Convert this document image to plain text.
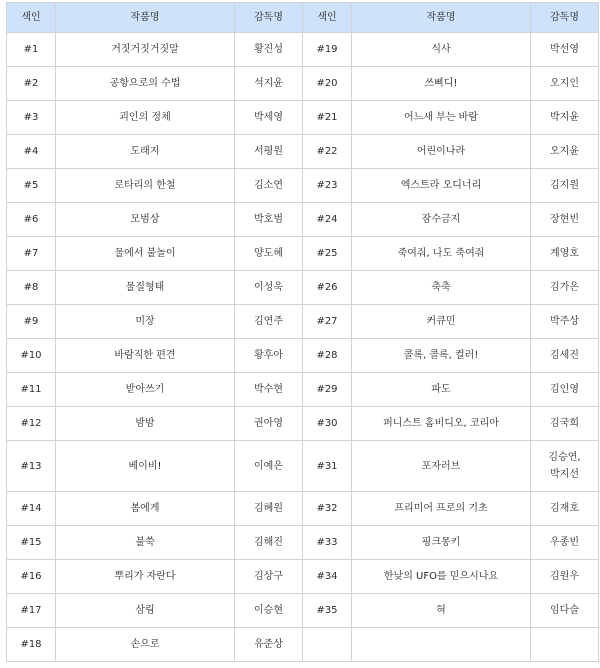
색인	작품명	감독명	색인	작품명	감독명
#1	거짓거짓거짓말	황진성	#19	식사	박선영
#2	공항으로의 수법	석지윤	#20	쓰삐디!	오지인
#3	괴인의 정체	박세영	#21	어느새 부는 바람	박지윤
#4	도래지	서평원	#22	어린이나라	오지윤
#5	로타리의 한철	김소연	#23	엑스트라 오디너리	김지원
#6	모범상	박호범	#24	잠수금지	장현빈
#7	물에서 불놀이	양도혜	#25	죽여줘, 나도 죽여줘	계영호
#8	물질형태	이성욱	#26	축축	김가은
#9	미장	김연주	#27	커큐민	박주상
#10	바람직한 편견	황후아	#28	콜록, 콜록, 컬러!	김세진
#11	받아쓰기	박수현	#29	파도	김인영
#12	밤밤	권아영	#30	퍼니스트 홈비디오, 코리아	김국희
#13	베이비!	이예은	#31	포자러브	김승연, 박지선
#14	봄에게	김혜원	#32	프리미어 프로의 기초	김재호
#15	불쑥	김해진	#33	핑크몽키	우종빈
#16	뿌리가 자란다	김상구	#34	한낮의 UFO를 믿으시나요	김원우
#17	삼림	이승현	#35	혀	임다슬
#18	손으로	유준상			
